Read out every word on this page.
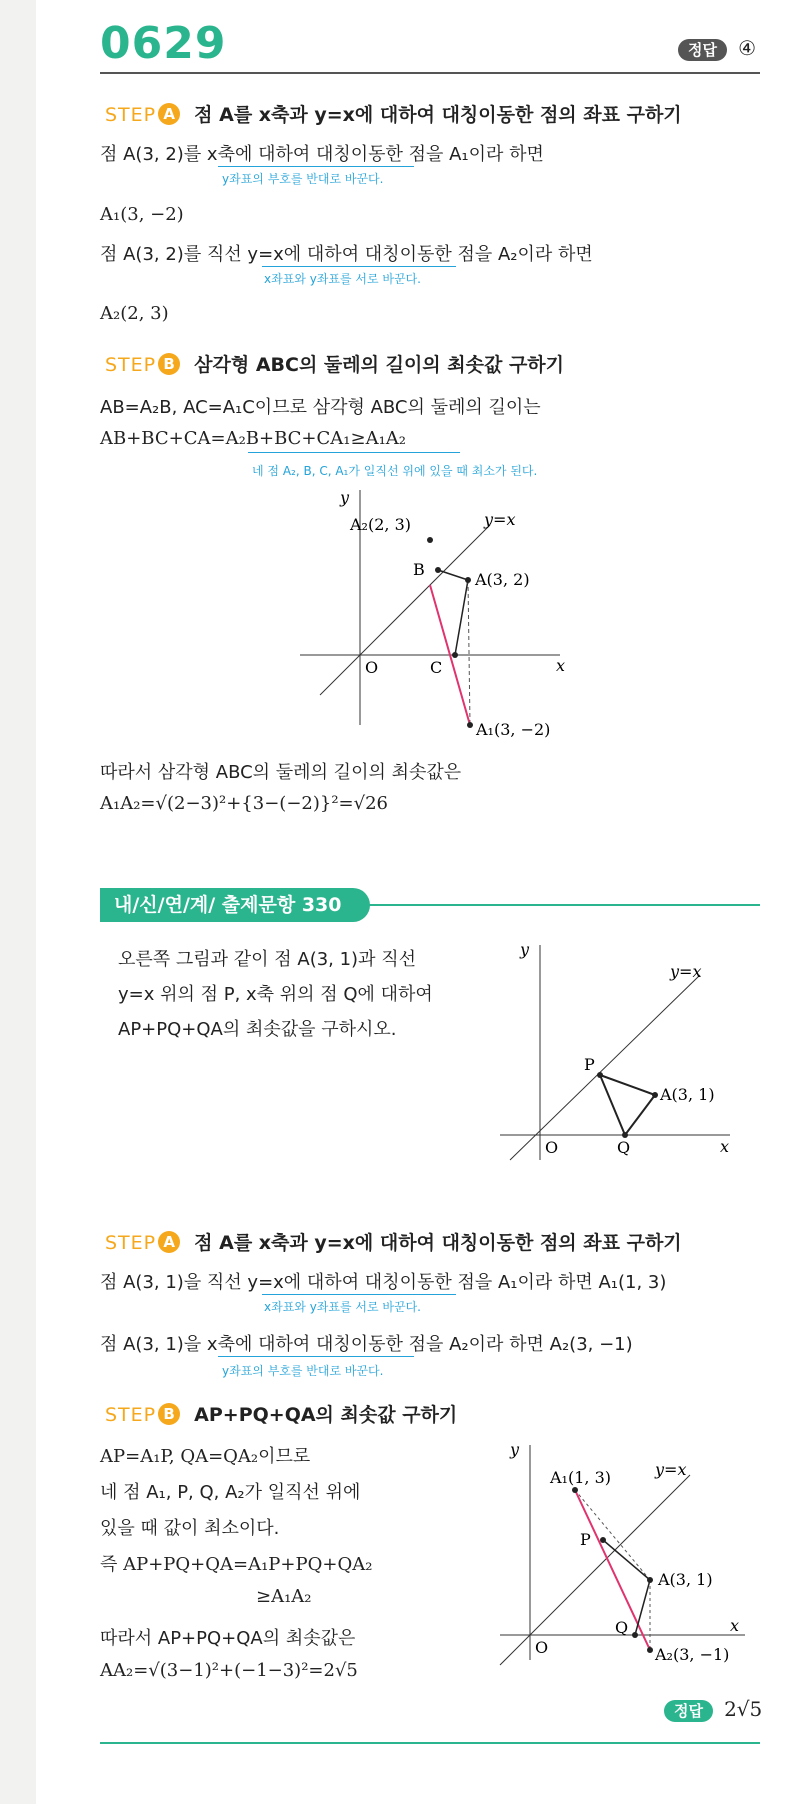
0629	정답 ④
STEP A 점 A를 x축과 y=x에 대하여 대칭이동한 점의 좌표 구하기
점 A(3, 2)를 x축에 대하여 대칭이동한 점을 A₁이라 하면
y좌표의 부호를 반대로 바꾼다.
A₁(3, −2)
점 A(3, 2)를 직선 y=x에 대하여 대칭이동한 점을 A₂이라 하면
x좌표와 y좌표를 서로 바꾼다.
A₂(2, 3)
STEP B 삼각형 ABC의 둘레의 길이의 최솟값 구하기
AB=A₂B, AC=A₁C이므로 삼각형 ABC의 둘레의 길이는
AB+BC+CA=A₂B+BC+CA₁≥A₁A₂
네 점 A₂, B, C, A₁가 일직선 위에 있을 때 최소가 된다.
y
x
O
y=x
A₂(2, 3)
B
A(3, 2)
C
A₁(3, −2)
따라서 삼각형 ABC의 둘레의 길이의 최솟값은
A₁A₂=√(2−3)²+{3−(−2)}²=√26
내/신/연/계/ 출제문항 330
오른쪽 그림과 같이 점 A(3, 1)과 직선
y=x 위의 점 P, x축 위의 점 Q에 대하여
AP+PQ+QA의 최솟값을 구하시오.
y
x
O
y=x
P
A(3, 1)
Q
STEP A 점 A를 x축과 y=x에 대하여 대칭이동한 점의 좌표 구하기
점 A(3, 1)을 직선 y=x에 대하여 대칭이동한 점을 A₁이라 하면 A₁(1, 3)
x좌표와 y좌표를 서로 바꾼다.
점 A(3, 1)을 x축에 대하여 대칭이동한 점을 A₂이라 하면 A₂(3, −1)
y좌표의 부호를 반대로 바꾼다.
STEP B AP+PQ+QA의 최솟값 구하기
AP=A₁P, QA=QA₂이므로
네 점 A₁, P, Q, A₂가 일직선 위에
있을 때 값이 최소이다.
즉 AP+PQ+QA=A₁P+PQ+QA₂
≥A₁A₂
따라서 AP+PQ+QA의 최솟값은
AA₂=√(3−1)²+(−1−3)²=2√5
y
x
O
y=x
A₁(1, 3)
P
A(3, 1)
Q
A₂(3, −1)
정답 2√5
